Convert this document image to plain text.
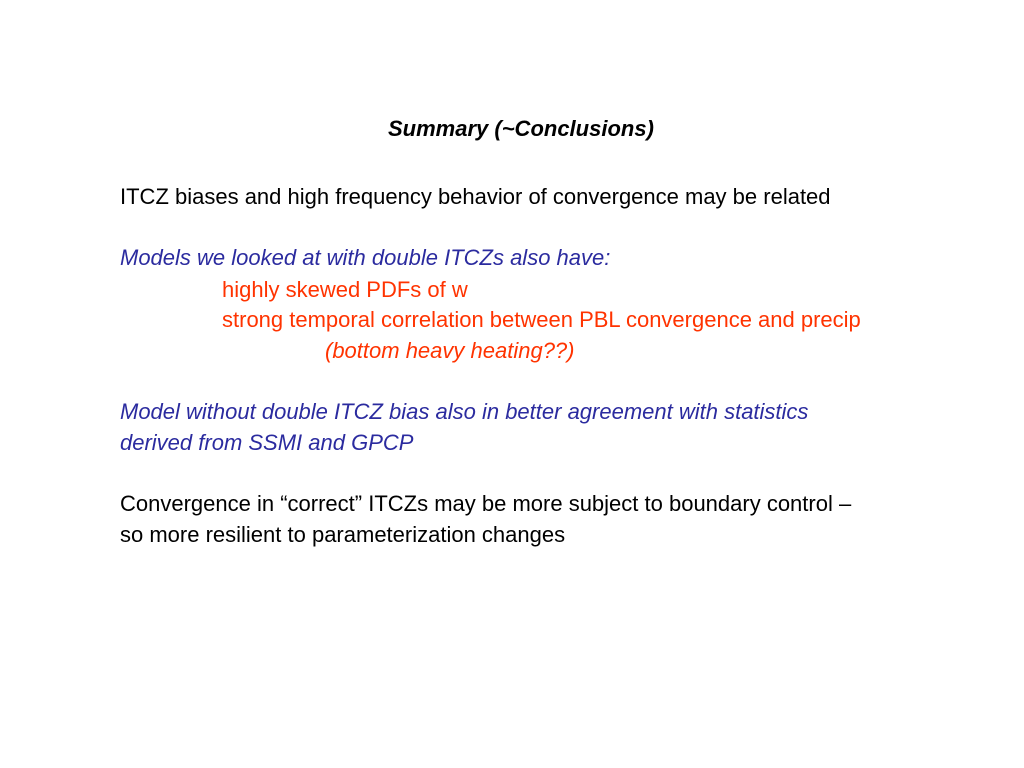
Summary (~Conclusions)
ITCZ biases and high frequency behavior of convergence may be related
Models we looked at with double ITCZs also have:
highly skewed PDFs of w
strong temporal correlation between PBL convergence and precip
(bottom heavy heating??)
Model without double ITCZ bias also in better agreement with statistics
derived from SSMI and GPCP
Convergence in “correct” ITCZs may be more subject to boundary control –
so more resilient to parameterization changes
